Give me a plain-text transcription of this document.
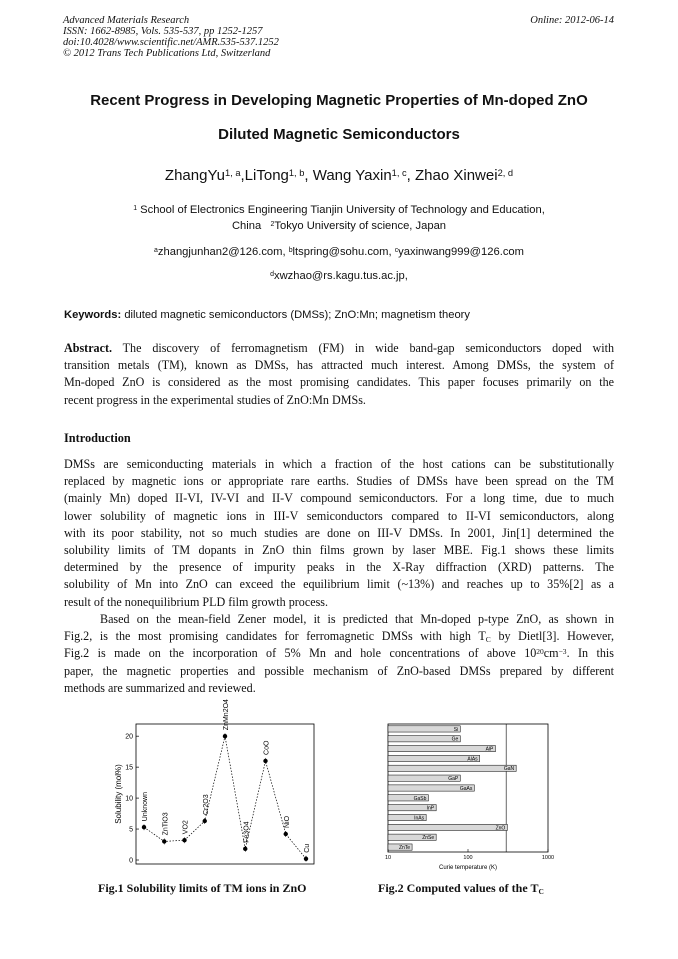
Advanced Materials Research
ISSN: 1662-8985, Vols. 535-537, pp 1252-1257
doi:10.4028/www.scientific.net/AMR.535-537.1252
© 2012 Trans Tech Publications Ltd, Switzerland
Online: 2012-06-14
Recent Progress in Developing Magnetic Properties of Mn-doped ZnO
Diluted Magnetic Semiconductors
ZhangYu$^{1, a}$,LiTong$^{1, b}$, Wang Yaxin$^{1, c}$, Zhao Xinwei$^{2, d}$
$^1$ School of Electronics Engineering Tianjin University of Technology and Education,
China $^2$Tokyo University of science, Japan
$^a$zhangjunhan2@126.com, $^b$ltspring@sohu.com, $^c$yaxinwang999@126.com
$^d$xwzhao@rs.kagu.tus.ac.jp,
Keywords: diluted magnetic semiconductors (DMSs); ZnO:Mn; magnetism theory
Abstract. The discovery of ferromagnetism (FM) in wide band-gap semiconductors doped with
transition metals (TM), known as DMSs, has attracted much interest. Among DMSs, the system of
Mn-doped ZnO is considered as the most promising candidates. This paper focuses primarily on the
recent progress in the experimental studies of ZnO:Mn DMSs.
Introduction
DMSs are semiconducting materials in which a fraction of the host cations can be substitutionally
replaced by magnetic ions or appropriate rare earths. Studies of DMSs have been spread on the TM
(mainly Mn) doped II-VI, IV-VI and II-V compound semiconductors. For a long time, due to much
lower solubility of magnetic ions in III-V semiconductors compared to II-VI semiconductors, along
with its poor stability, not so much studies are done on III-V DMSs. In 2001, Jin[1] determined the
solubility limits of TM dopants in ZnO thin films grown by laser MBE. Fig.1 shows these limits
determined by the presence of impurity peaks in the X-Ray diffraction (XRD) patterns. The
solubility of Mn into ZnO can exceed the equilibrium limit (~13%) and reaches up to 35%[2] as a
result of the nonequilibrium PLD film growth process.
Based on the mean-field Zener model, it is predicted that Mn-doped p-type ZnO, as shown in
Fig.2, is the most promising candidates for ferromagnetic DMSs with high $T_C$ by Dietl[3]. However,
Fig.2 is made on the incorporation of 5% Mn and hole concentrations of above $10^{20}cm^{-3}$. In this
paper, the magnetic properties and possible mechanism of ZnO-based DMSs prepared by different
methods are summarized and reviewed.
Solubility (mol%)
0
5
10
15
20
Unknown
ZnTiO3 VO2
Cr2O3
ZnMn2O4
Fe3O4
CoO
NiO
Cu
Si
Ge
AlP
AlAs
GaN
GaP
GaAs
GaSb
InP
InAs
ZnO
ZnSe
ZnTe
10	100	1000
Curie temperature (K)
Fig.1 Solubility limits of TM ions in ZnO	Fig.2 Computed values of the $T_C$
